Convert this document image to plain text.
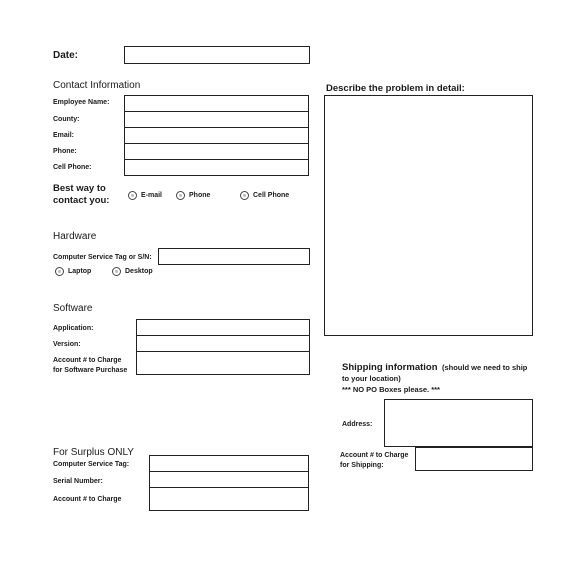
Date:
Contact Information
Employee Name:
County:
Email:
Phone:
Cell Phone:
Best way to
contact you:	E-mail	Phone	Cell Phone
Hardware
Computer Service Tag or S/N:
Laptop	Desktop
Software
Application:
Version:
Account # to Charge
for Software Purchase
For Surplus ONLY
Computer Service Tag:
Serial Number:
Account # to Charge
Describe the problem in detail:
Shipping information (should we need to ship
to your location)
*** NO PO Boxes please. ***
Address:
Account # to Charge
for Shipping:
